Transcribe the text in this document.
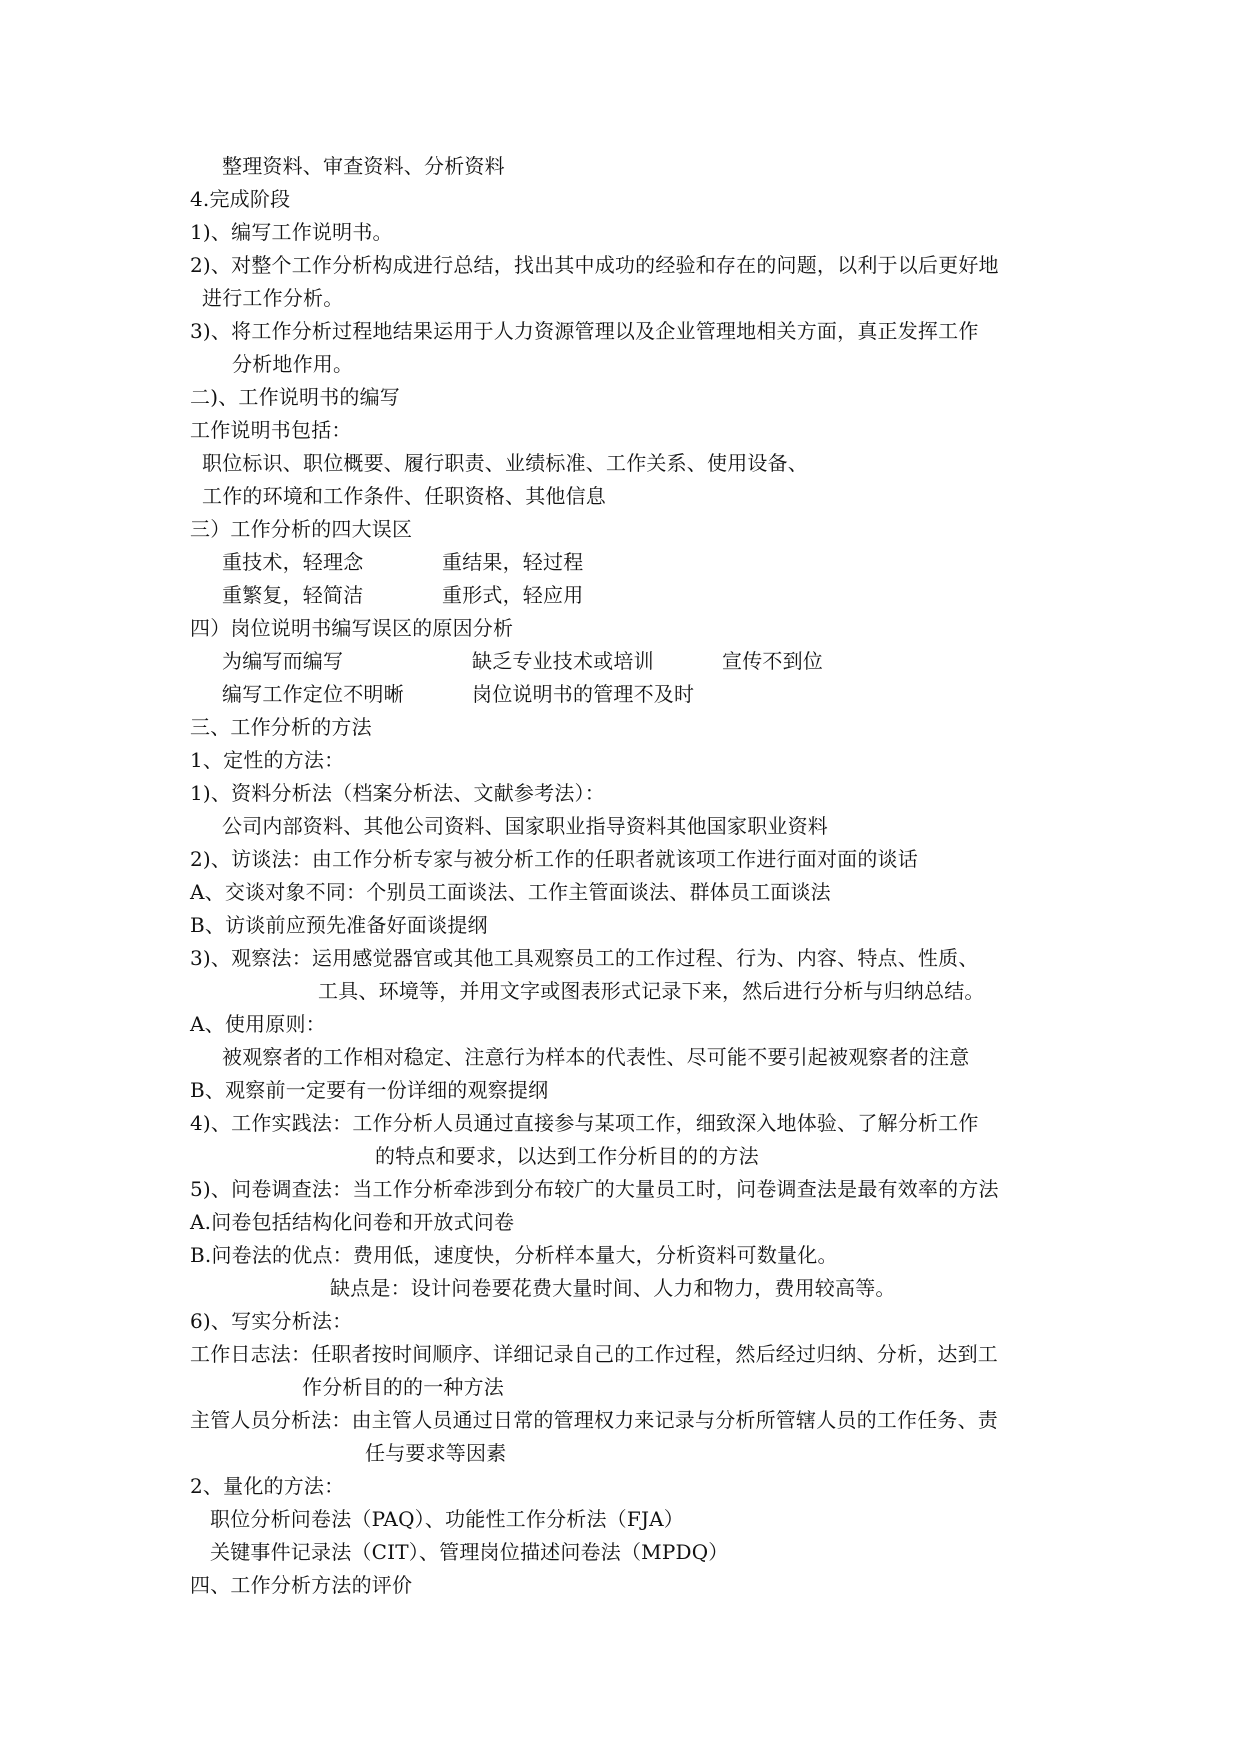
整理资料、审查资料、分析资料
4.完成阶段
1)、编写工作说明书。
2)、对整个工作分析构成进行总结，找出其中成功的经验和存在的问题，以利于以后更好地
进行工作分析。
3)、将工作分析过程地结果运用于人力资源管理以及企业管理地相关方面，真正发挥工作
分析地作用。
二)、工作说明书的编写
工作说明书包括：
职位标识、职位概要、履行职责、业绩标准、工作关系、使用设备、
工作的环境和工作条件、任职资格、其他信息
三）工作分析的四大误区
重技术，轻理念	重结果，轻过程
重繁复，轻简洁	重形式，轻应用
四）岗位说明书编写误区的原因分析
为编写而编写	缺乏专业技术或培训	宣传不到位
编写工作定位不明晰	岗位说明书的管理不及时
三、工作分析的方法
1、定性的方法：
1)、资料分析法（档案分析法、文献参考法）：
公司内部资料、其他公司资料、国家职业指导资料其他国家职业资料
2)、访谈法：由工作分析专家与被分析工作的任职者就该项工作进行面对面的谈话
A、交谈对象不同：个别员工面谈法、工作主管面谈法、群体员工面谈法
B、访谈前应预先准备好面谈提纲
3)、观察法：运用感觉器官或其他工具观察员工的工作过程、行为、内容、特点、性质、
工具、环境等，并用文字或图表形式记录下来，然后进行分析与归纳总结。
A、使用原则：
被观察者的工作相对稳定、注意行为样本的代表性、尽可能不要引起被观察者的注意
B、观察前一定要有一份详细的观察提纲
4)、工作实践法：工作分析人员通过直接参与某项工作，细致深入地体验、了解分析工作
的特点和要求，以达到工作分析目的的方法
5)、问卷调查法：当工作分析牵涉到分布较广的大量员工时，问卷调查法是最有效率的方法
A.问卷包括结构化问卷和开放式问卷
B.问卷法的优点：费用低，速度快，分析样本量大，分析资料可数量化。
缺点是：设计问卷要花费大量时间、人力和物力，费用较高等。
6)、写实分析法：
工作日志法：任职者按时间顺序、详细记录自己的工作过程，然后经过归纳、分析，达到工
作分析目的的一种方法
主管人员分析法：由主管人员通过日常的管理权力来记录与分析所管辖人员的工作任务、责
任与要求等因素
2、量化的方法：
职位分析问卷法（PAQ）、功能性工作分析法（FJA）
关键事件记录法（CIT）、管理岗位描述问卷法（MPDQ）
四、工作分析方法的评价
